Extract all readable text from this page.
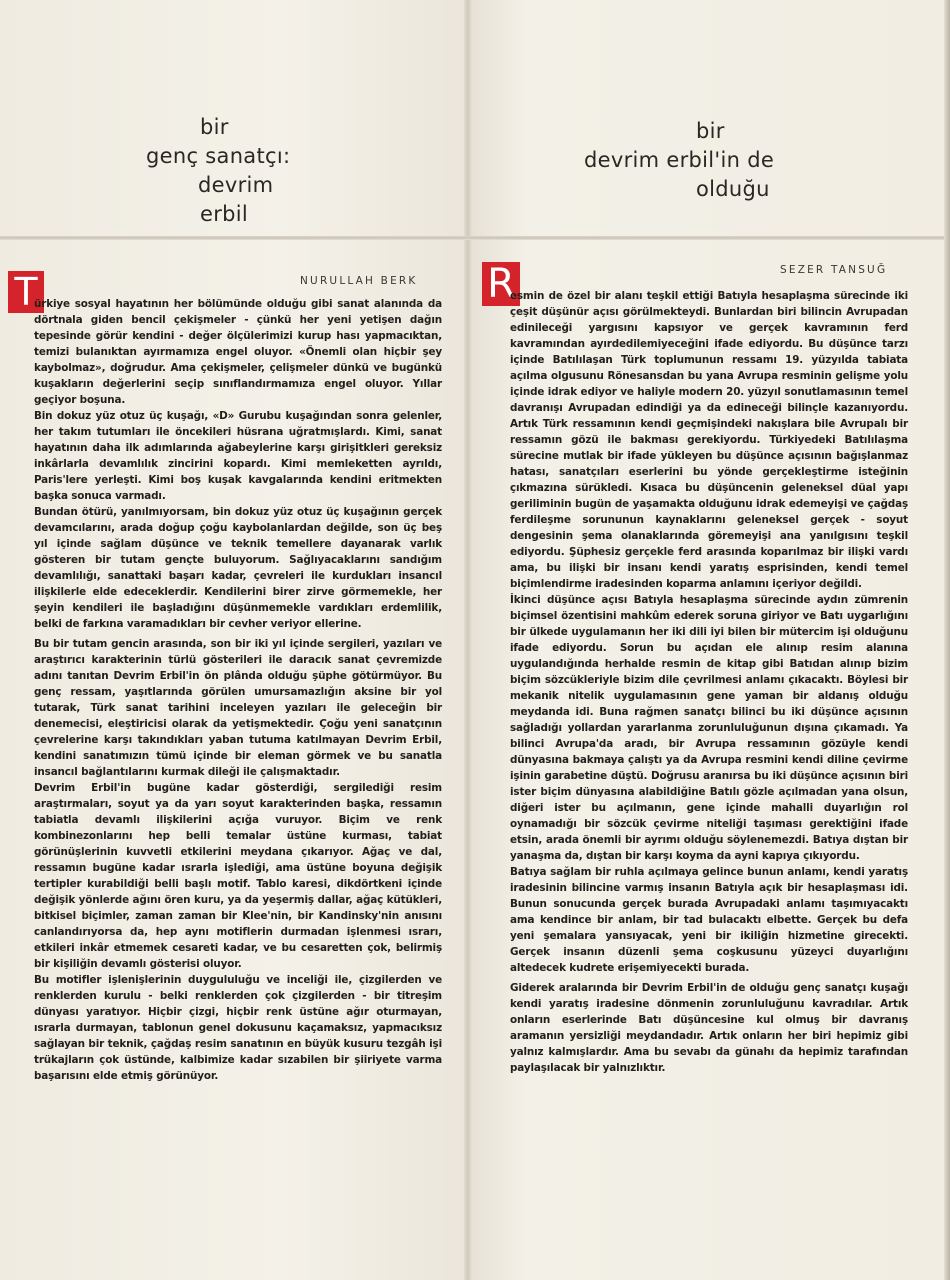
bir
genç sanatçı:
devrim
erbil
NURULLAH BERK
T

ürkiye sosyal hayatının her bölümünde olduğu gibi sanat alanında da dörtnala giden bencil çekişmeler - çünkü her yeni yetişen dağın tepesinde görür kendini - değer ölçülerimizi kurup hası yapmacıktan, temizi bulanıktan ayırmamıza engel oluyor. «Önemli olan hiçbir şey kaybolmaz», doğrudur. Ama çekişmeler, çelişmeler dünkü ve bugünkü kuşakların değerlerini seçip sınıflandırmamıza engel oluyor. Yıllar geçiyor boşuna.

Bin dokuz yüz otuz üç kuşağı, «D» Gurubu kuşağından sonra gelenler, her takım tutumları ile öncekileri hüsrana uğratmışlardı. Kimi, sanat hayatının daha ilk adımlarında ağabeylerine karşı girişitkleri gereksiz inkârlarla devamlılık zincirini kopardı. Kimi memleketten ayrıldı, Paris'lere yerleşti. Kimi boş kuşak kavgalarında kendini eritmekten başka sonuca varmadı.

Bundan ötürü, yanılmıyorsam, bin dokuz yüz otuz üç kuşağının gerçek devamcılarını, arada doğup çoğu kaybolanlardan değilde, son üç beş yıl içinde sağlam düşünce ve teknik temellere dayanarak varlık gösteren bir tutam gençte buluyorum. Sağlıyacaklarını sandığım devamlılığı, sanattaki başarı kadar, çevreleri ile kurdukları insancıl ilişkilerle elde edeceklerdir. Kendilerini birer zirve görmemekle, her şeyin kendileri ile başladığını düşünmemekle vardıkları erdemlilik, belki de farkına varamadıkları bir cevher veriyor ellerine.

Bu bir tutam gencin arasında, son bir iki yıl içinde sergileri, yazıları ve araştırıcı karakterinin türlü gösterileri ile daracık sanat çevremizde adını tanıtan Devrim Erbil'in ön plânda olduğu şüphe götürmüyor. Bu genç ressam, yaşıtlarında görülen umursamazlığın aksine bir yol tutarak, Türk sanat tarihini inceleyen yazıları ile geleceğin bir denemecisi, eleştiricisi olarak da yetişmektedir. Çoğu yeni sanatçının çevrelerine karşı takındıkları yaban tutuma katılmayan Devrim Erbil, kendini sanatımızın tümü içinde bir eleman görmek ve bu sanatla insancıl bağlantılarını kurmak dileği ile çalışmaktadır.

Devrim Erbil'in bugüne kadar gösterdiği, sergilediği resim araştırmaları, soyut ya da yarı soyut karakterinden başka, ressamın tabiatla devamlı ilişkilerini açığa vuruyor. Biçim ve renk kombinezonlarını hep belli temalar üstüne kurması, tabiat görünüşlerinin kuvvetli etkilerini meydana çıkarıyor. Ağaç ve dal, ressamın bugüne kadar ısrarla işlediği, ama üstüne boyuna değişik tertipler kurabildiği belli başlı motif. Tablo karesi, dikdörtkeni içinde değişik yönlerde ağını ören kuru, ya da yeşermiş dallar, ağaç kütükleri, bitkisel biçimler, zaman zaman bir Klee'nin, bir Kandinsky'nin anısını canlandırıyorsa da, hep aynı motiflerin durmadan işlenmesi ısrarı, etkileri inkâr etmemek cesareti kadar, ve bu cesaretten çok, belirmiş bir kişiliğin devamlı gösterisi oluyor.

Bu motifler işlenişlerinin duygululuğu ve inceliği ile, çizgilerden ve renklerden kurulu - belki renklerden çok çizgilerden - bir titreşim dünyası yaratıyor. Hiçbir çizgi, hiçbir renk üstüne ağır oturmayan, ısrarla durmayan, tablonun genel dokusunu kaçamaksız, yapmacıksız sağlayan bir teknik, çağdaş resim sanatının en büyük kusuru tezgâh işi trükajların çok üstünde, kalbimize kadar sızabilen bir şiiriyete varma başarısını elde etmiş görünüyor.

bir
devrim erbil'in de
olduğu
SEZER TANSUĞ
R

esmin de özel bir alanı teşkil ettiği Batıyla hesaplaşma sürecinde iki çeşit düşünür açısı görülmekteydi. Bunlardan biri bilincin Avrupadan edinileceği yargısını kapsıyor ve gerçek kavramının ferd kavramından ayırdedilemiyeceğini ifade ediyordu. Bu düşünce tarzı içinde Batılılaşan Türk toplumunun ressamı 19. yüzyılda tabiata açılma olgusunu Rönesansdan bu yana Avrupa resminin gelişme yolu içinde idrak ediyor ve haliyle modern 20. yüzyıl sonutlamasının temel davranışı Avrupadan edindiği ya da edineceği bilinçle kazanıyordu. Artık Türk ressamının kendi geçmişindeki nakışlara bile Avrupalı bir ressamın gözü ile bakması gerekiyordu. Türkiyedeki Batılılaşma sürecine mutlak bir ifade yükleyen bu düşünce açısının bağışlanmaz hatası, sanatçıları eserlerini bu yönde gerçekleştirme isteğinin çıkmazına sürükledi. Kısaca bu düşüncenin geleneksel düal yapı geriliminin bugün de yaşamakta olduğunu idrak edemeyişi ve çağdaş ferdileşme sorununun kaynaklarını geleneksel gerçek - soyut dengesinin şema olanaklarında göremeyişi ana yanılgısını teşkil ediyordu. Şüphesiz gerçekle ferd arasında koparılmaz bir ilişki vardı ama, bu ilişki bir insanı kendi yaratış esprisinden, kendi temel biçimlendirme iradesinden koparma anlamını içeriyor değildi.

İkinci düşünce açısı Batıyla hesaplaşma sürecinde aydın zümrenin biçimsel özentisini mahkûm ederek soruna giriyor ve Batı uygarlığını bir ülkede uygulamanın her iki dili iyi bilen bir mütercim işi olduğunu ifade ediyordu. Sorun bu açıdan ele alınıp resim alanına uygulandığında herhalde resmin de kitap gibi Batıdan alınıp bizim biçim sözcükleriyle bizim dile çevrilmesi anlamı çıkacaktı. Böylesi bir mekanik nitelik uygulamasının gene yaman bir aldanış olduğu meydanda idi. Buna rağmen sanatçı bilinci bu iki düşünce açısının sağladığı yollardan yararlanma zorunluluğunun dışına çıkamadı. Ya bilinci Avrupa'da aradı, bir Avrupa ressamının gözüyle kendi dünyasına bakmaya çalıştı ya da Avrupa resmini kendi diline çevirme işinin garabetine düştü. Doğrusu aranırsa bu iki düşünce açısının biri ister biçim dünyasına alabildiğine Batılı gözle açılmadan yana olsun, diğeri ister bu açılmanın, gene içinde mahalli duyarlığın rol oynamadığı bir sözcük çevirme niteliği taşıması gerektiğini ifade etsin, arada önemli bir ayrımı olduğu söylenemezdi. Batıya dıştan bir yanaşma da, dıştan bir karşı koyma da ayni kapıya çıkıyordu.

Batıya sağlam bir ruhla açılmaya gelince bunun anlamı, kendi yaratış iradesinin bilincine varmış insanın Batıyla açık bir hesaplaşması idi. Bunun sonucunda gerçek burada Avrupadaki anlamı taşımıyacaktı ama kendince bir anlam, bir tad bulacaktı elbette. Gerçek bu defa yeni şemalara yansıyacak, yeni bir ikiliğin hizmetine girecekti. Gerçek insanın düzenli şema coşkusunu yüzeyci duyarlığını altedecek kudrete erişemiyecekti burada.

Giderek aralarında bir Devrim Erbil'in de olduğu genç sanatçı kuşağı kendi yaratış iradesine dönmenin zorunluluğunu kavradılar. Artık onların eserlerinde Batı düşüncesine kul olmuş bir davranış aramanın yersizliği meydandadır. Artık onların her biri hepimiz gibi yalnız kalmışlardır. Ama bu sevabı da günahı da hepimiz tarafından paylaşılacak bir yalnızlıktır.
